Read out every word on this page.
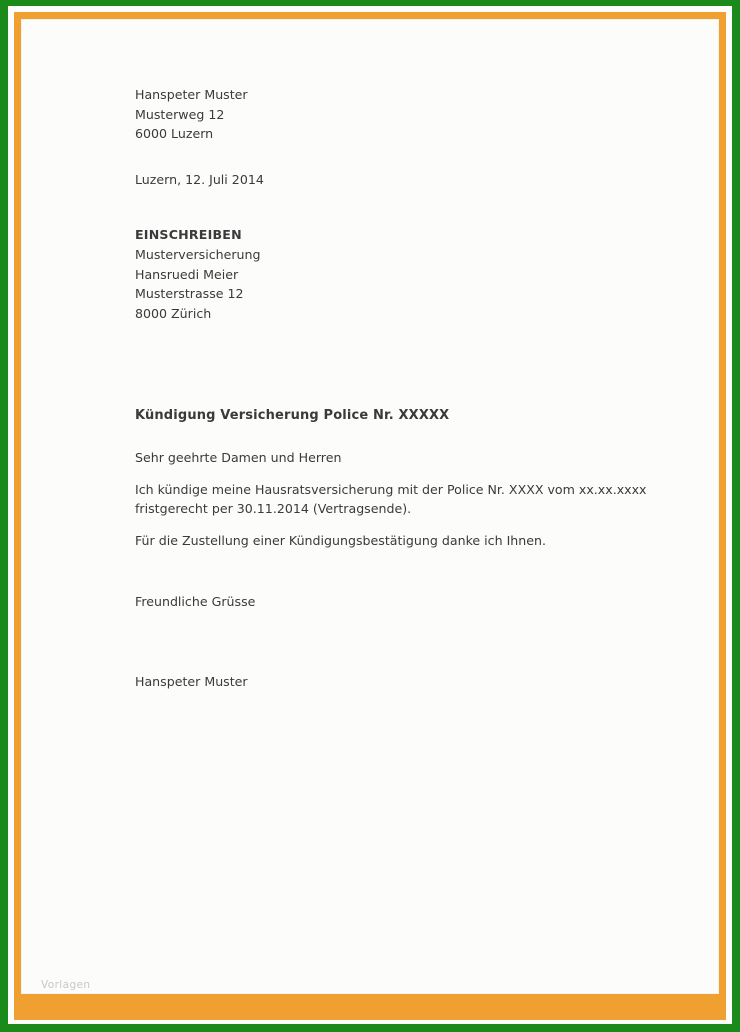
Hanspeter Muster
Musterweg 12
6000 Luzern
Luzern, 12. Juli 2014
EINSCHREIBEN
Musterversicherung
Hansruedi Meier
Musterstrasse 12
8000 Zürich
Kündigung Versicherung Police Nr. XXXXX
Sehr geehrte Damen und Herren
Ich kündige meine Hausratsversicherung mit der Police Nr. XXXX vom xx.xx.xxxx
fristgerecht per 30.11.2014 (Vertragsende).
Für die Zustellung einer Kündigungsbestätigung danke ich Ihnen.
Freundliche Grüsse
Hanspeter Muster
Vorlagen
